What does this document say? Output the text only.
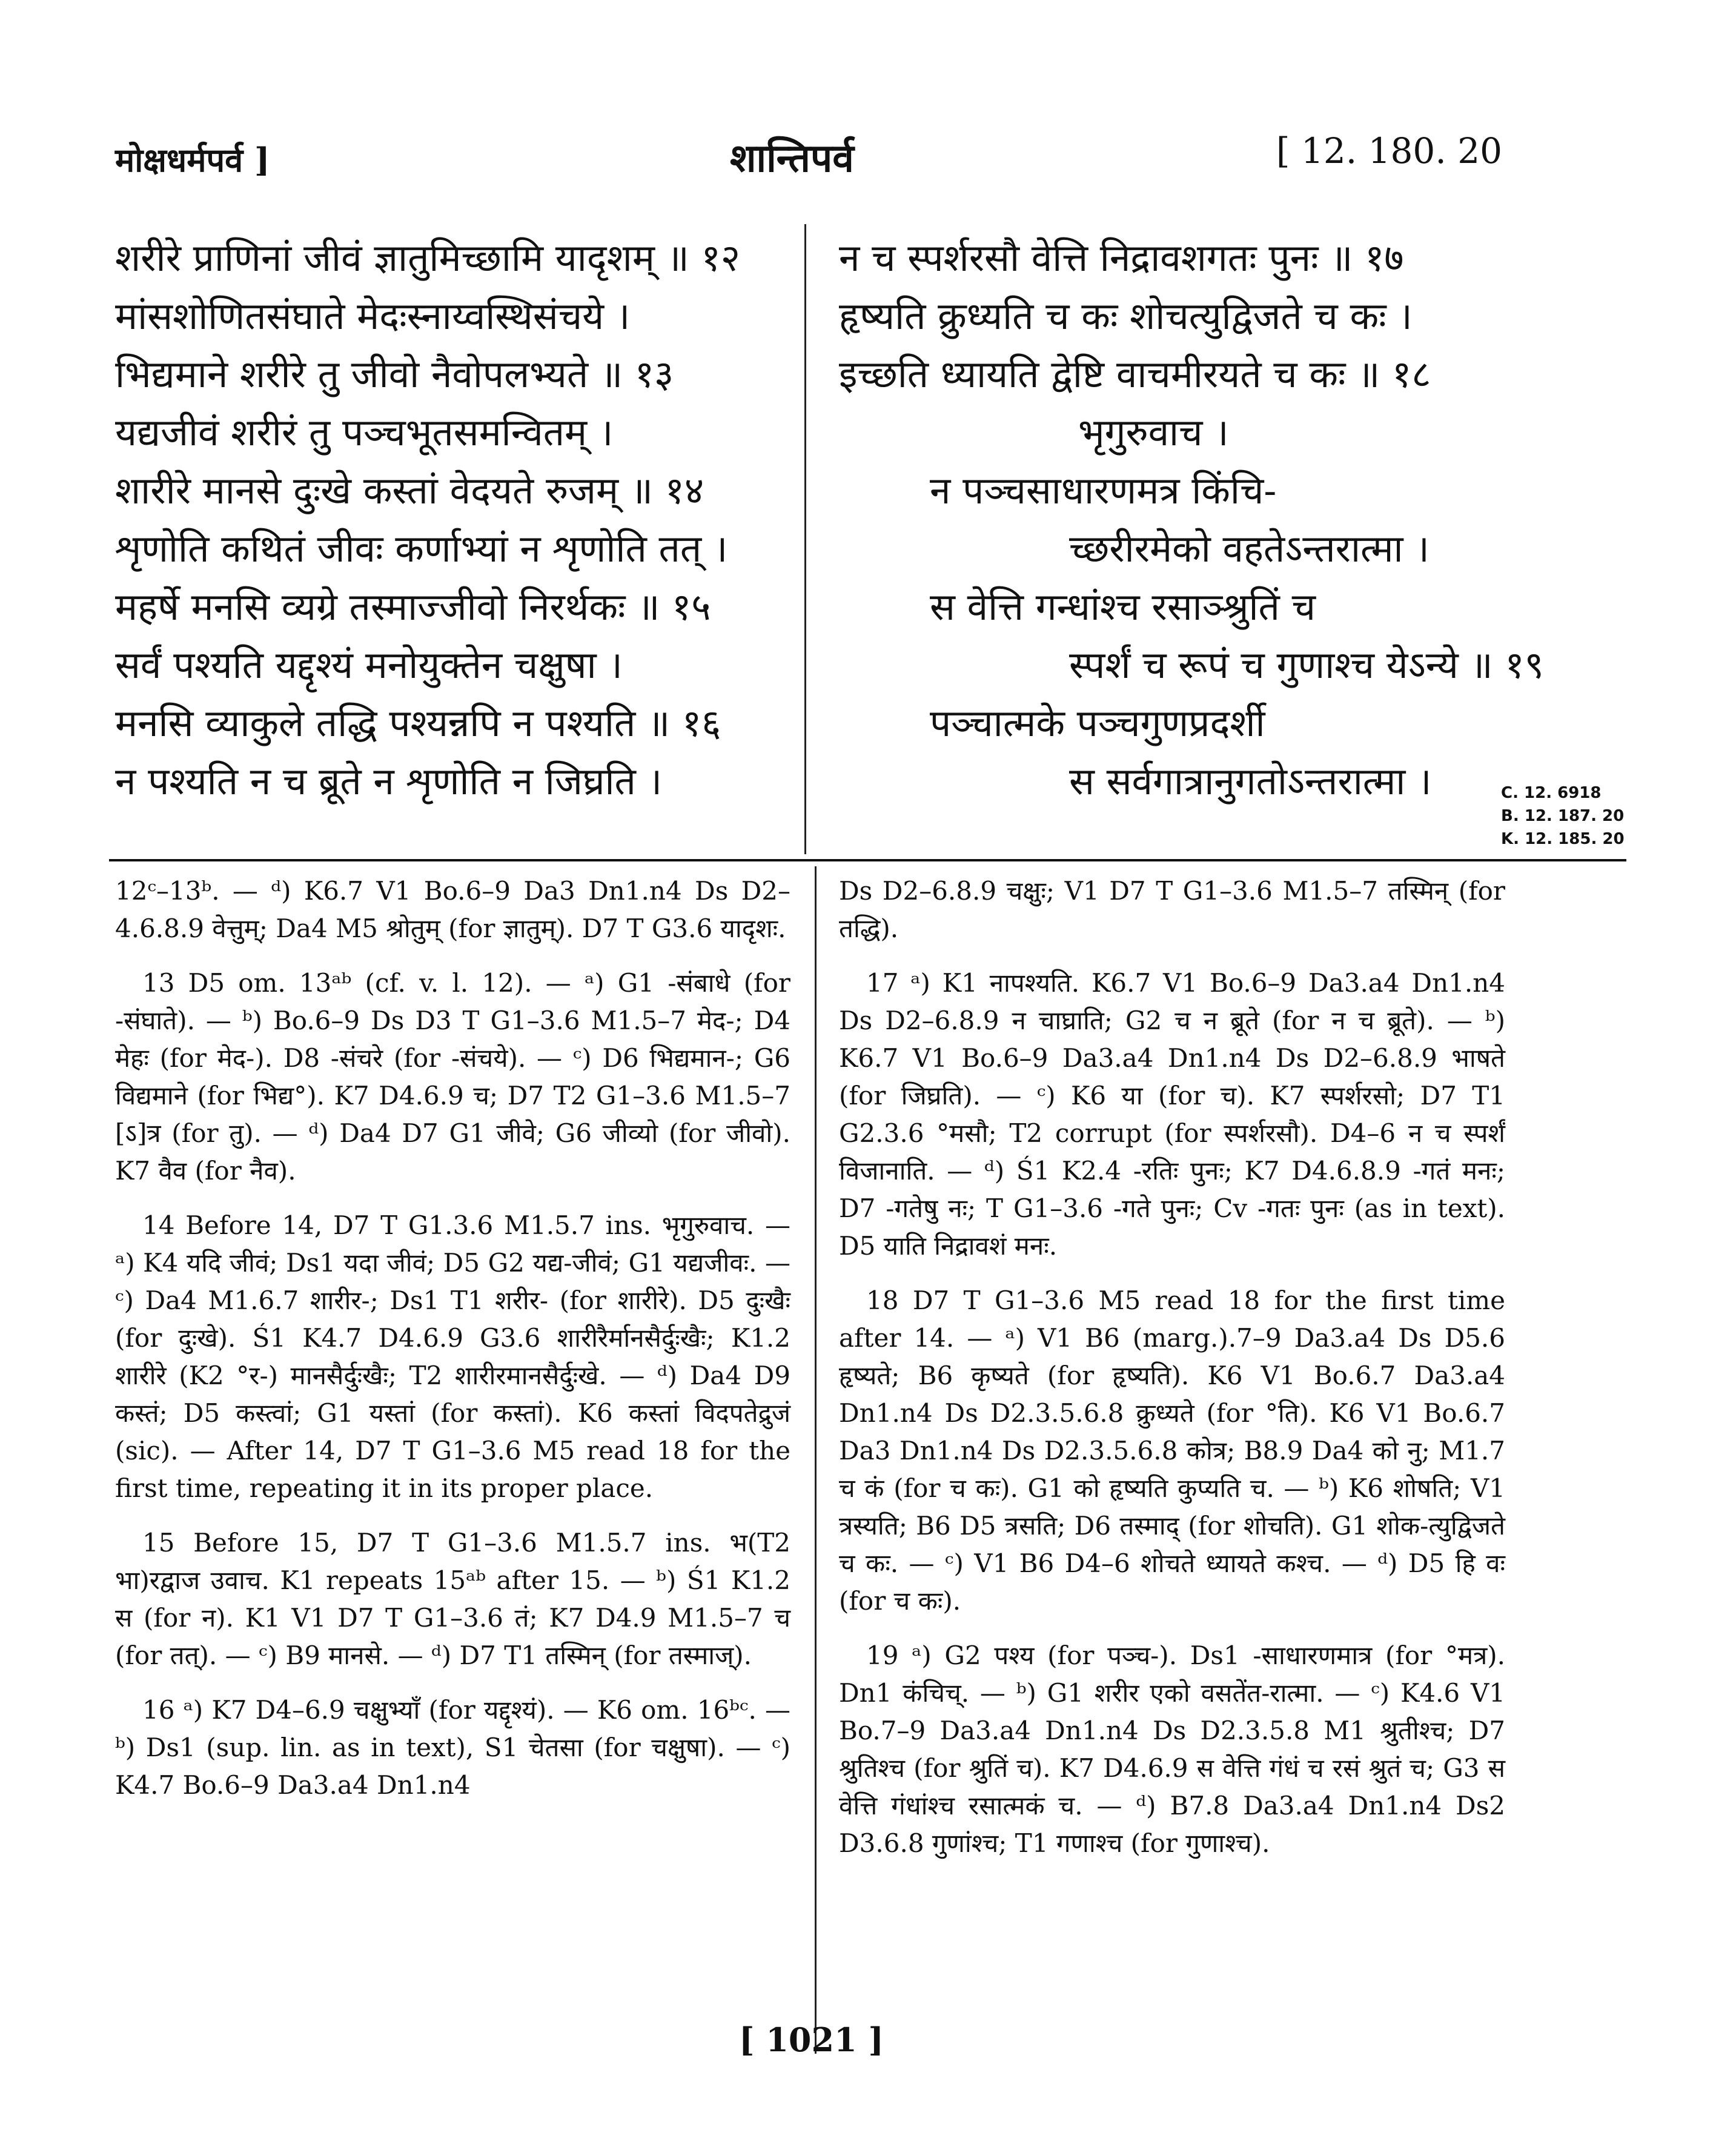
मोक्षधर्मपर्व ]	शान्तिपर्व	[ 12. 180. 20
शरीरे प्राणिनां जीवं ज्ञातुमिच्छामि यादृशम् ॥ १२
मांसशोणितसंघाते मेदःस्नाय्वस्थिसंचये ।
भिद्यमाने शरीरे तु जीवो नैवोपलभ्यते ॥ १३
यद्यजीवं शरीरं तु पञ्चभूतसमन्वितम् ।
शारीरे मानसे दुःखे कस्तां वेदयते रुजम् ॥ १४
शृणोति कथितं जीवः कर्णाभ्यां न शृणोति तत् ।
महर्षे मनसि व्यग्रे तस्माज्जीवो निरर्थकः ॥ १५
सर्वं पश्यति यद्दृश्यं मनोयुक्तेन चक्षुषा ।
मनसि व्याकुले तद्धि पश्यन्नपि न पश्यति ॥ १६
न पश्यति न च ब्रूते न शृणोति न जिघ्रति ।
न च स्पर्शरसौ वेत्ति निद्रावशगतः पुनः ॥ १७
हृष्यति क्रुध्यति च कः शोचत्युद्विजते च कः ।
इच्छति ध्यायति द्वेष्टि वाचमीरयते च कः ॥ १८
भृगुरुवाच ।
न पञ्चसाधारणमत्र किंचि-
च्छरीरमेको वहतेऽन्तरात्मा ।
स वेत्ति गन्धांश्च रसाञ्श्रुतिं च
स्पर्शं च रूपं च गुणाश्च येऽन्ये ॥ १९
पञ्चात्मके पञ्चगुणप्रदर्शी
स सर्वगात्रानुगतोऽन्तरात्मा ।	C. 12. 6918
B. 12. 187. 20
K. 12. 185. 20

12ᶜ–13ᵇ. — ᵈ) K6.7 V1 Bo.6–9 Da3 Dn1.n4 Ds D2–4.6.8.9 वेत्तुम्; Da4 M5 श्रोतुम् (for ज्ञातुम्). D7 T G3.6 यादृशः.

13 D5 om. 13ᵃᵇ (cf. v. l. 12). — ᵃ) G1 -संबाधे (for -संघाते). — ᵇ) Bo.6–9 Ds D3 T G1–3.6 M1.5–7 मेद-; D4 मेहः (for मेद-). D8 -संचरे (for -संचये). — ᶜ) D6 भिद्यमान-; G6 विद्यमाने (for भिद्य°). K7 D4.6.9 च; D7 T2 G1–3.6 M1.5–7 [ऽ]त्र (for तु). — ᵈ) Da4 D7 G1 जीवे; G6 जीव्यो (for जीवो). K7 वैव (for नैव).

14 Before 14, D7 T G1.3.6 M1.5.7 ins. भृगुरुवाच. — ᵃ) K4 यदि जीवं; Ds1 यदा जीवं; D5 G2 यद्य-जीवं; G1 यद्यजीवः. — ᶜ) Da4 M1.6.7 शारीर-; Ds1 T1 शरीर- (for शारीरे). D5 दुःखैः (for दुःखे). Ś1 K4.7 D4.6.9 G3.6 शारीरैर्मानसैर्दुःखैः; K1.2 शारीरे (K2 °र-) मानसैर्दुःखैः; T2 शारीरमानसैर्दुःखे. — ᵈ) Da4 D9 कस्तं; D5 कस्त्वां; G1 यस्तां (for कस्तां). K6 कस्तां विदपतेद्रुजं (sic). — After 14, D7 T G1–3.6 M5 read 18 for the first time, repeating it in its proper place.

15 Before 15, D7 T G1–3.6 M1.5.7 ins. भ(T2 भा)रद्वाज उवाच. K1 repeats 15ᵃᵇ after 15. — ᵇ) Ś1 K1.2 स (for न). K1 V1 D7 T G1–3.6 तं; K7 D4.9 M1.5–7 च (for तत्). — ᶜ) B9 मानसे. — ᵈ) D7 T1 तस्मिन् (for तस्माज्).

16 ᵃ) K7 D4–6.9 चक्षुभ्याँ (for यद्दृश्यं). — K6 om. 16ᵇᶜ. — ᵇ) Ds1 (sup. lin. as in text), S1 चेतसा (for चक्षुषा). — ᶜ) K4.7 Bo.6–9 Da3.a4 Dn1.n4

Ds D2–6.8.9 चक्षुः; V1 D7 T G1–3.6 M1.5–7 तस्मिन् (for तद्धि).

17 ᵃ) K1 नापश्यति. K6.7 V1 Bo.6–9 Da3.a4 Dn1.n4 Ds D2–6.8.9 न चाघ्राति; G2 च न ब्रूते (for न च ब्रूते). — ᵇ) K6.7 V1 Bo.6–9 Da3.a4 Dn1.n4 Ds D2–6.8.9 भाषते (for जिघ्रति). — ᶜ) K6 या (for च). K7 स्पर्शरसो; D7 T1 G2.3.6 °मसौ; T2 corrupt (for स्पर्शरसौ). D4–6 न च स्पर्शं विजानाति. — ᵈ) Ś1 K2.4 -रतिः पुनः; K7 D4.6.8.9 -गतं मनः; D7 -गतेषु नः; T G1–3.6 -गते पुनः; Cv -गतः पुनः (as in text). D5 याति निद्रावशं मनः.

18 D7 T G1–3.6 M5 read 18 for the first time after 14. — ᵃ) V1 B6 (marg.).7–9 Da3.a4 Ds D5.6 हृष्यते; B6 कृष्यते (for हृष्यति). K6 V1 Bo.6.7 Da3.a4 Dn1.n4 Ds D2.3.5.6.8 क्रुध्यते (for °ति). K6 V1 Bo.6.7 Da3 Dn1.n4 Ds D2.3.5.6.8 कोत्र; B8.9 Da4 को नु; M1.7 च कं (for च कः). G1 को हृष्यति कुप्यति च. — ᵇ) K6 शोषति; V1 त्रस्यति; B6 D5 त्रसति; D6 तस्माद् (for शोचति). G1 शोक-त्युद्विजते च कः. — ᶜ) V1 B6 D4–6 शोचते ध्यायते कश्च. — ᵈ) D5 हि वः (for च कः).

19 ᵃ) G2 पश्य (for पञ्च-). Ds1 -साधारणमात्र (for °मत्र). Dn1 कंचिच्. — ᵇ) G1 शरीर एको वसतेंत-रात्मा. — ᶜ) K4.6 V1 Bo.7–9 Da3.a4 Dn1.n4 Ds D2.3.5.8 M1 श्रुतीश्च; D7 श्रुतिश्च (for श्रुतिं च). K7 D4.6.9 स वेत्ति गंधं च रसं श्रुतं च; G3 स वेत्ति गंधांश्च रसात्मकं च. — ᵈ) B7.8 Da3.a4 Dn1.n4 Ds2 D3.6.8 गुणांश्च; T1 गणाश्च (for गुणाश्च).

[ 1021 ]
